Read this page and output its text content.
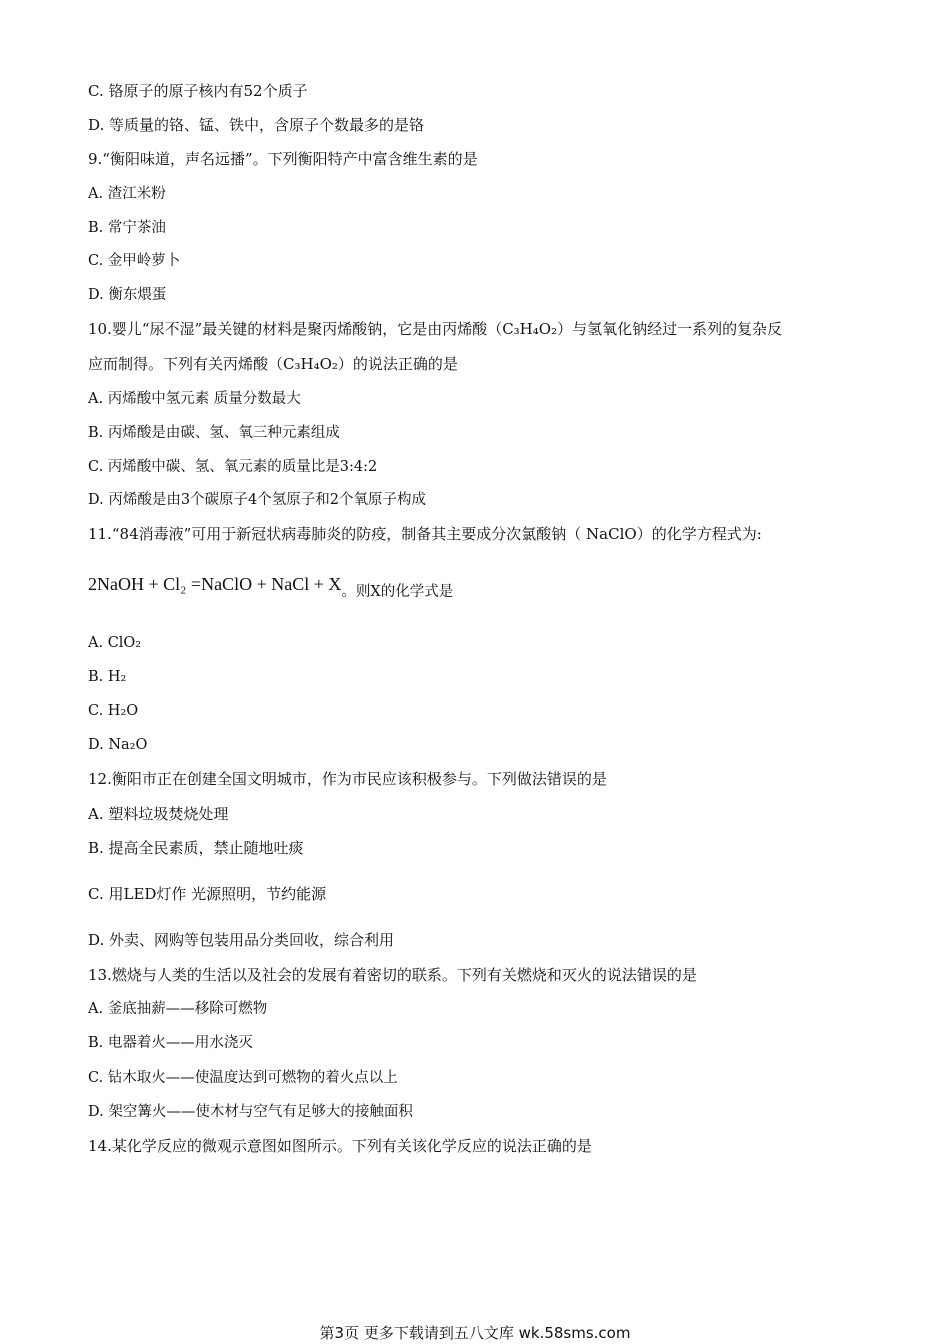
C. 铬原子的原子核内有52个质子
D. 等质量的铬、锰、铁中，含原子个数最多的是铬
9.“衡阳味道，声名远播”。下列衡阳特产中富含维生素的是
A. 渣江米粉
B. 常宁茶油
C. 金甲岭萝卜
D. 衡东煨蛋
10.婴儿“尿不湿”最关键的材料是聚丙烯酸钠，它是由丙烯酸（C₃H₄O₂）与氢氧化钠经过一系列的复杂反
应而制得。下列有关丙烯酸（C₃H₄O₂）的说法正确的是
A. 丙烯酸中氢元素 质量分数最大
B. 丙烯酸是由碳、氢、氧三种元素组成
C. 丙烯酸中碳、氢、氧元素的质量比是3:4:2
D. 丙烯酸是由3个碳原子4个氢原子和2个氧原子构成
11.“84消毒液”可用于新冠状病毒肺炎的防疫，制备其主要成分次氯酸钠（ NaClO）的化学方程式为:
A. ClO₂
B. H₂
C. H₂O
D. Na₂O
12.衡阳市正在创建全国文明城市，作为市民应该积极参与。下列做法错误的是
A. 塑料垃圾焚烧处理
B. 提高全民素质，禁止随地吐痰
C. 用LED灯作 光源照明，节约能源
D. 外卖、网购等包装用品分类回收，综合利用
13.燃烧与人类的生活以及社会的发展有着密切的联系。下列有关燃烧和灭火的说法错误的是
A. 釜底抽薪——移除可燃物
B. 电器着火——用水浇灭
C. 钻木取火——使温度达到可燃物的着火点以上
D. 架空篝火——使木材与空气有足够大的接触面积
14.某化学反应的微观示意图如图所示。下列有关该化学反应的说法正确的是
2NaOH + Cl₂ =NaClO + NaCl + $X_{。则X的化学式是}$
第3页 更多下载请到五八文库 wk.58sms.com
